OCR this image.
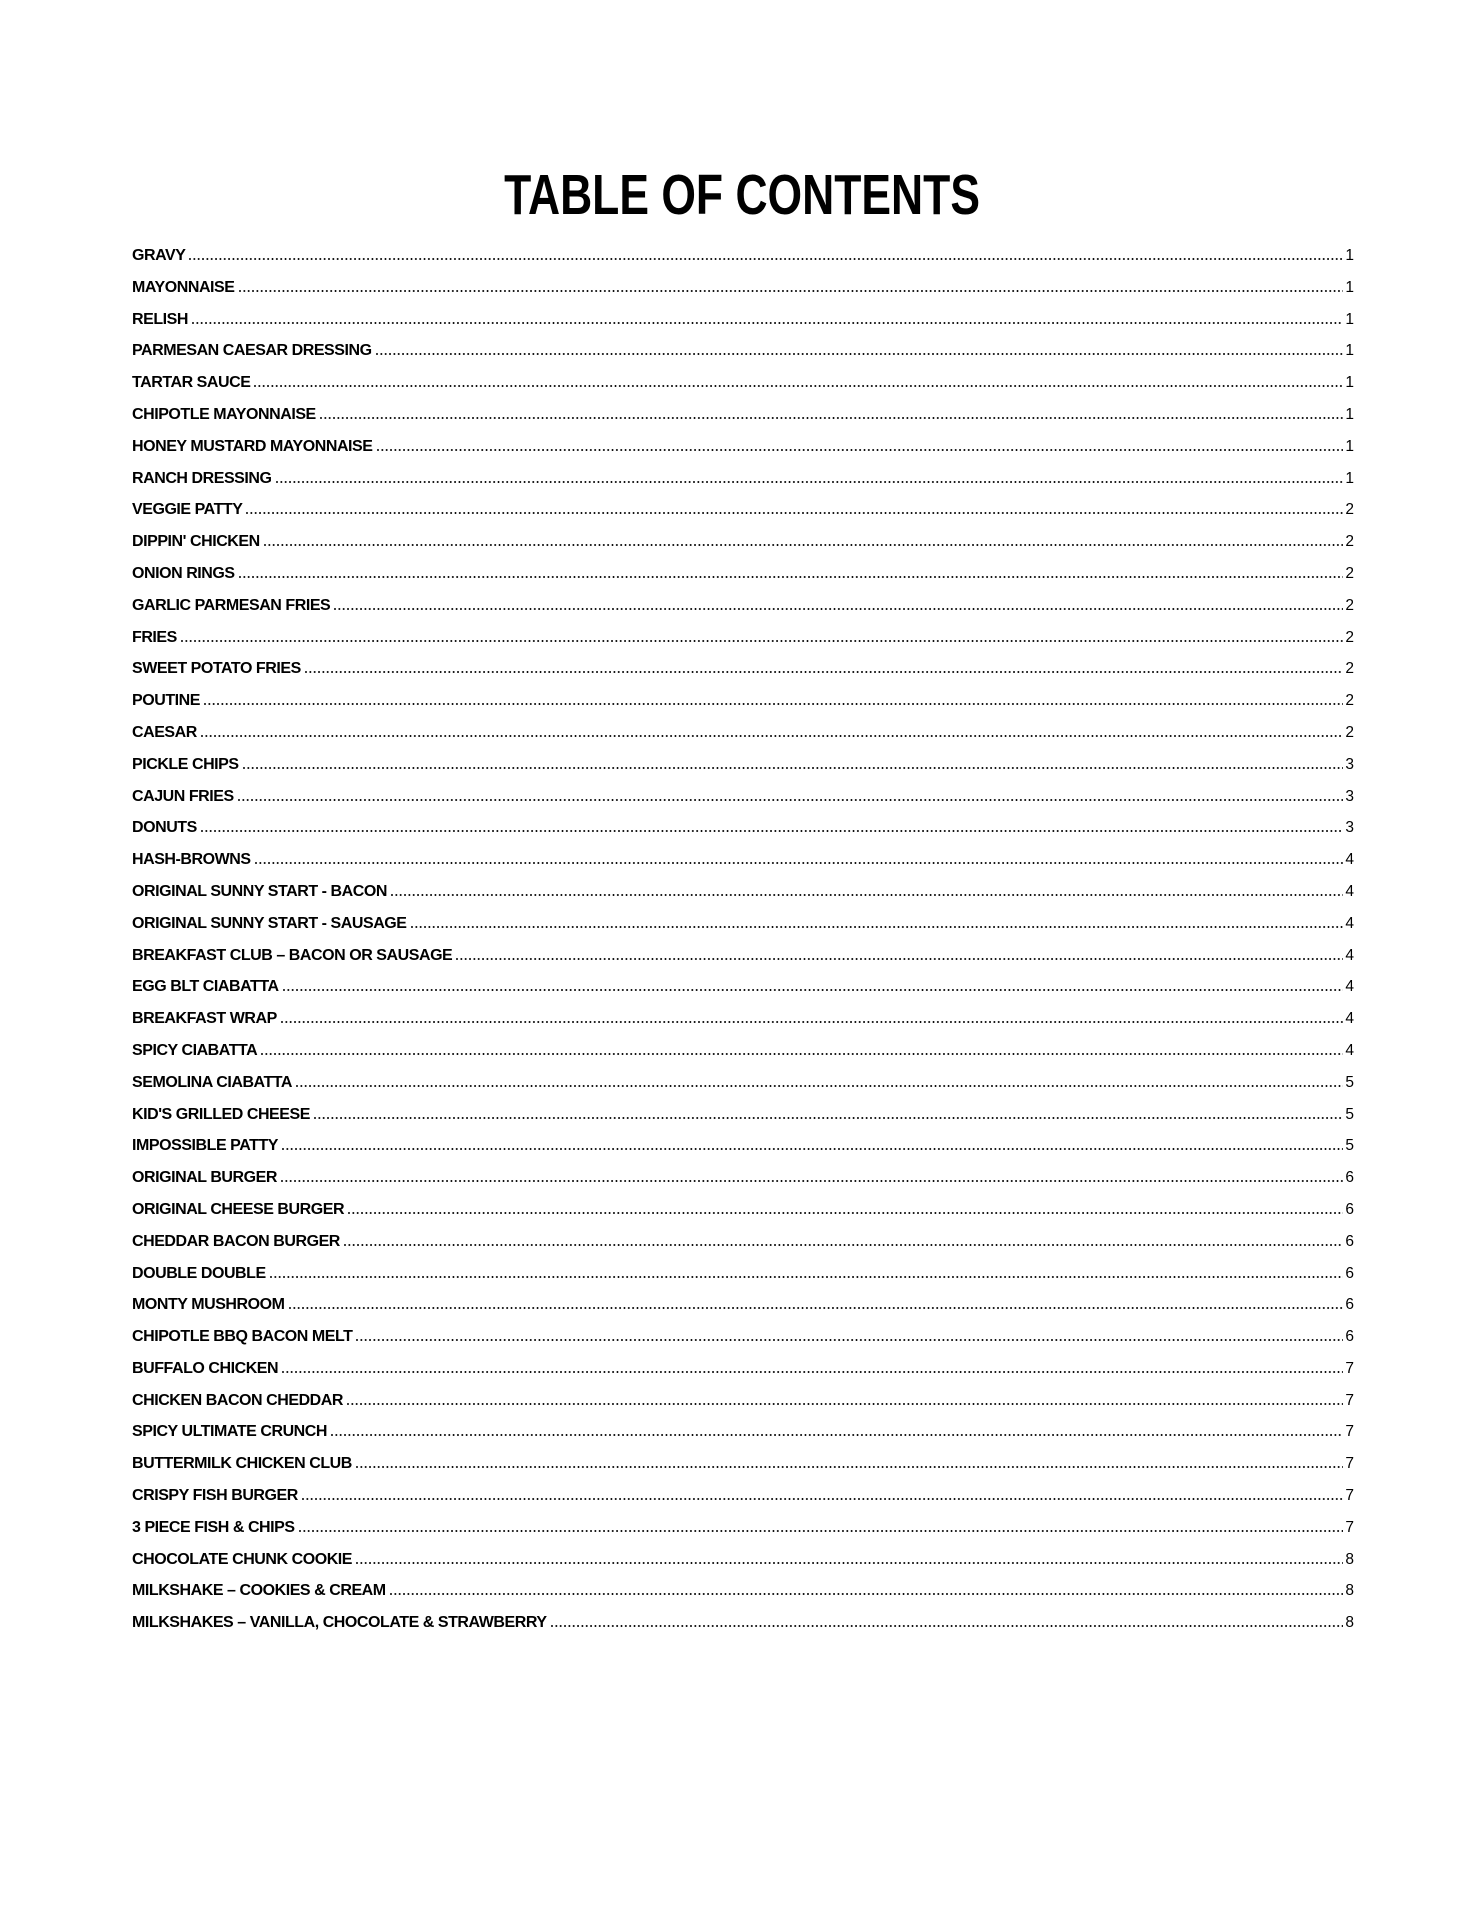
TABLE OF CONTENTS
GRAVY	1
MAYONNAISE	1
RELISH	1
PARMESAN CAESAR DRESSING	1
TARTAR SAUCE	1
CHIPOTLE MAYONNAISE	1
HONEY MUSTARD MAYONNAISE	1
RANCH DRESSING	1
VEGGIE PATTY	2
DIPPIN' CHICKEN	2
ONION RINGS	2
GARLIC PARMESAN FRIES	2
FRIES	2
SWEET POTATO FRIES	2
POUTINE	2
CAESAR	2
PICKLE CHIPS	3
CAJUN FRIES	3
DONUTS	3
HASH-BROWNS	4
ORIGINAL SUNNY START - BACON	4
ORIGINAL SUNNY START - SAUSAGE	4
BREAKFAST CLUB – BACON OR SAUSAGE	4
EGG BLT CIABATTA	4
BREAKFAST WRAP	4
SPICY CIABATTA	4
SEMOLINA CIABATTA	5
KID'S GRILLED CHEESE	5
IMPOSSIBLE PATTY	5
ORIGINAL BURGER	6
ORIGINAL CHEESE BURGER	6
CHEDDAR BACON BURGER	6
DOUBLE DOUBLE	6
MONTY MUSHROOM	6
CHIPOTLE BBQ BACON MELT	6
BUFFALO CHICKEN	7
CHICKEN BACON CHEDDAR	7
SPICY ULTIMATE CRUNCH	7
BUTTERMILK CHICKEN CLUB	7
CRISPY FISH BURGER	7
3 PIECE FISH & CHIPS	7
CHOCOLATE CHUNK COOKIE	8
MILKSHAKE – COOKIES & CREAM	8
MILKSHAKES – VANILLA, CHOCOLATE & STRAWBERRY	8
